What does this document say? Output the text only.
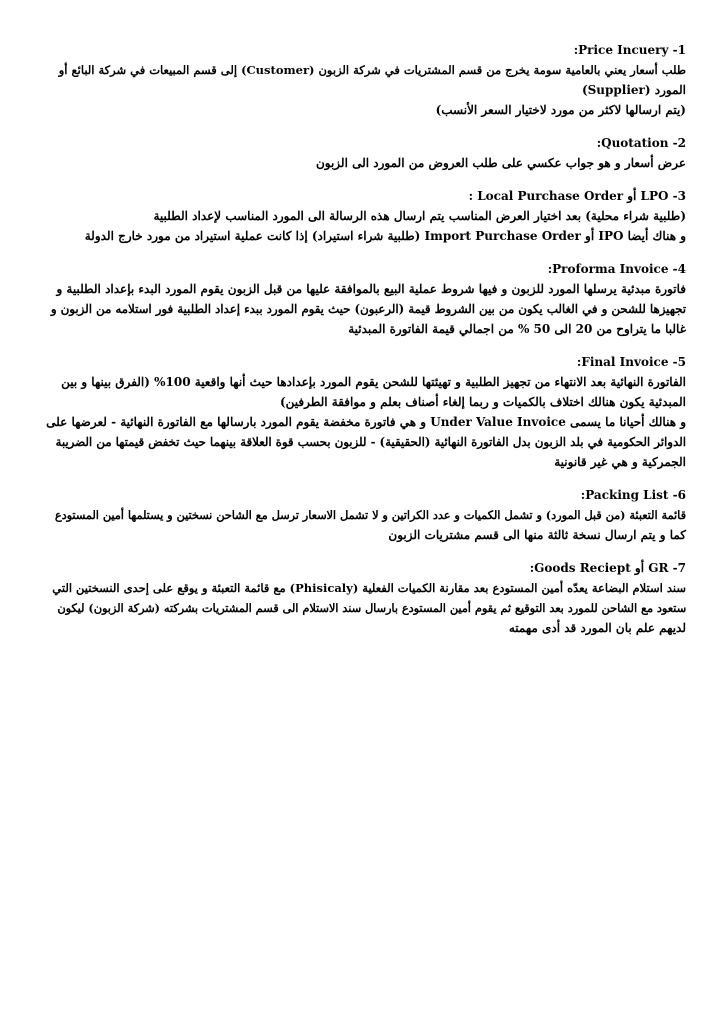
1- Price Incuery:

طلب أسعار يعني بالعامية سومة يخرج من قسم المشتريات في شركة الزبون (Customer) إلى قسم المبيعات في شركة البائع أو

المورد (Supplier)

(يتم ارسالها لاكثر من مورد لاختيار السعر الأنسب)

2- Quotation:

عرض أسعار و هو جواب عكسي على طلب العروض من المورد الى الزبون

3- LPO أو Local Purchase Order :

(طلبية شراء محلية) بعد اختيار العرض المناسب يتم ارسال هذه الرسالة الى المورد المناسب لإعداد الطلبية

و هناك أيضا IPO أو Import Purchase Order (طلبية شراء استيراد) إذا كانت عملية استيراد من مورد خارج الدولة

4- Proforma Invoice:

فاتورة مبدئية يرسلها المورد للزبون و فيها شروط عملية البيع بالموافقة عليها من قبل الزبون يقوم المورد البدء بإعداد الطلبية و

تجهيزها للشحن و في الغالب يكون من بين الشروط قيمة (الرعبون) حيث يقوم المورد ببدء إعداد الطلبية فور استلامه من الزبون و

غالبا ما يتراوح من 20 الى 50 % من اجمالي قيمة الفاتورة المبدئية

5- Final Invoice:

الفاتورة النهائية بعد الانتهاء من تجهيز الطلبية و تهيئتها للشحن يقوم المورد بإعدادها حيث أنها واقعية 100% (الفرق بينها و بين

المبدئية يكون هنالك اختلاف بالكميات و ربما إلغاء أصناف بعلم و موافقة الطرفين)

و هنالك أحيانا ما يسمى Under Value Invoice و هي فاتورة مخفضة يقوم المورد بارسالها مع الفاتورة النهائية - لعرضها على

الدوائر الحكومية في بلد الزبون بدل الفاتورة النهائية (الحقيقية) - للزبون بحسب قوة العلاقة بينهما حيث تخفض قيمتها من الضريبة

الجمركية و هي غير قانونية

6- Packing List:

قائمة التعبئة (من قبل المورد) و تشمل الكميات و عدد الكراتين و لا تشمل الاسعار ترسل مع الشاحن نسختين و يستلمها أمين المستودع

كما و يتم ارسال نسخة ثالثة منها الى قسم مشتريات الزبون

7- GR أو Goods Reciept:

سند استلام البضاعة يعدّه أمين المستودع بعد مقارنة الكميات الفعلية (Phisicaly) مع قائمة التعبئة و يوقع على إحدى النسختين التي

ستعود مع الشاحن للمورد بعد التوقيع ثم يقوم أمين المستودع بارسال سند الاستلام الى قسم المشتريات بشركته (شركة الزبون) ليكون

لديهم علم بان المورد قد أدى مهمته
